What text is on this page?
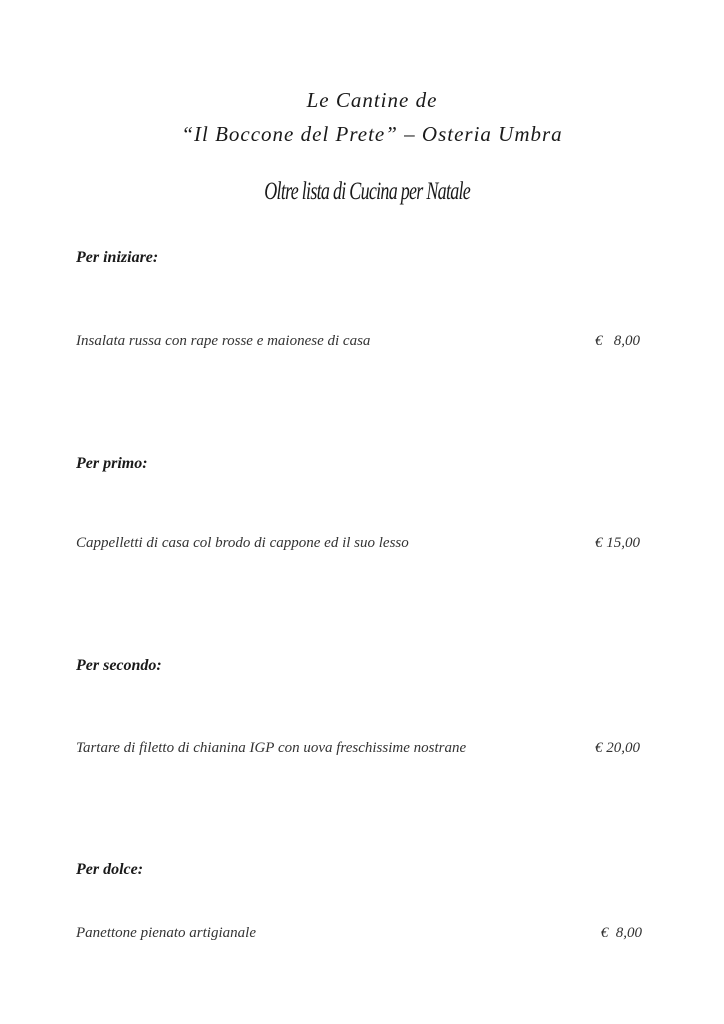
Le Cantine de
“Il Boccone del Prete” – Osteria Umbra
Oltre lista di Cucina per Natale
Per iniziare:
Insalata russa con rape rosse e maionese di casa	€   8,00
Per primo:
Cappelletti di casa col brodo di cappone ed il suo lesso	€ 15,00
Per secondo:
Tartare di filetto di chianina IGP con uova freschissime nostrane	€ 20,00
Per dolce:
Panettone pienato artigianale	€  8,00
